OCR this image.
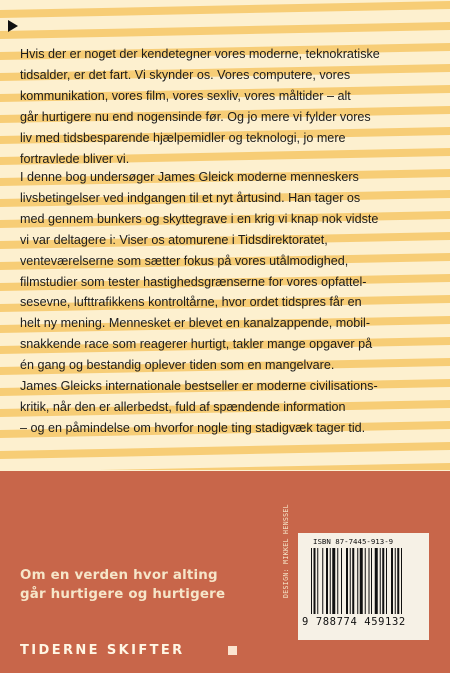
Hvis der er noget der kendetegner vores moderne, teknokratiske
tidsalder, er det fart. Vi skynder os. Vores computere, vores
kommunikation, vores film, vores sexliv, vores måltider – alt
går hurtigere nu end nogensinde før. Og jo mere vi fylder vores
liv med tidsbesparende hjælpemidler og teknologi, jo mere
fortravlede bliver vi.

I denne bog undersøger James Gleick moderne menneskers
livsbetingelser ved indgangen til et nyt årtusind. Han tager os
med gennem bunkers og skyttegrave i en krig vi knap nok vidste
vi var deltagere i: Viser os atomurene i Tidsdirektoratet,
venteværelserne som sætter fokus på vores utålmodighed,
filmstudier som tester hastighedsgrænserne for vores opfattel-
sesevne, lufttrafikkens kontroltårne, hvor ordet tidspres får en
helt ny mening. Mennesket er blevet en kanalzappende, mobil-
snakkende race som reagerer hurtigt, takler mange opgaver på
én gang og bestandig oplever tiden som en mangelvare.
James Gleicks internationale bestseller er moderne civilisations-
kritik, når den er allerbedst, fuld af spændende information
– og en påmindelse om hvorfor nogle ting stadigvæk tager tid.

Om en verden hvor alting
går hurtigere og hurtigere

TIDERNE SKIFTER

DESIGN: MIKKEL HENSSEL	ISBN 87-7445-913-9

9 788774 459132
